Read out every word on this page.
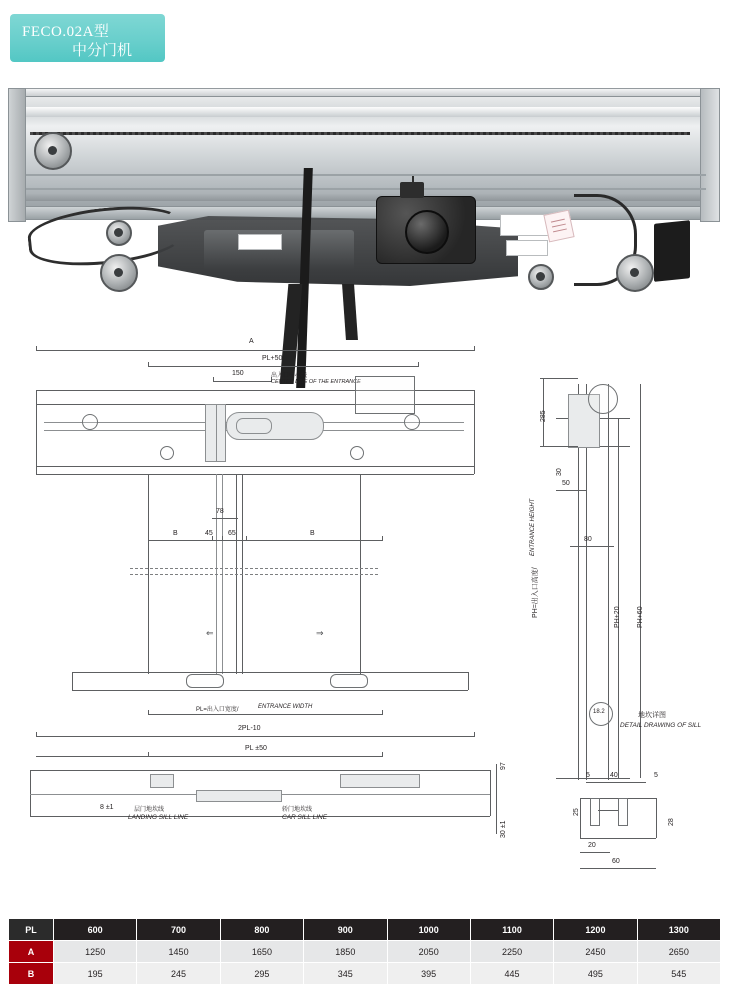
FECO.02A型
中分门机
A
PL+50
150	出入口中心线
CENTER LINE OF THE ENTRANCE
⇐	⇒
78
B	45 65	B
PL=出入口宽度/	ENTRANCE WIDTH
2PL-10
285
30
50
80
PH+20 PH+60
PH=出入口高度/
ENTRANCE HEIGHT
18.2	地坎详图
DETAIL DRAWING OF SILL
PL ±50
8 ±1	层门地坎线
LANDING SILL LINE
轿门地坎线
CAR SILL LINE
97
30 ±1
5	40	5
25
28
20
60
PL	600	700	800	900	1000	1100	1200	1300
A	1250	1450	1650	1850	2050	2250	2450	2650
B	195	245	295	345	395	445	495	545
